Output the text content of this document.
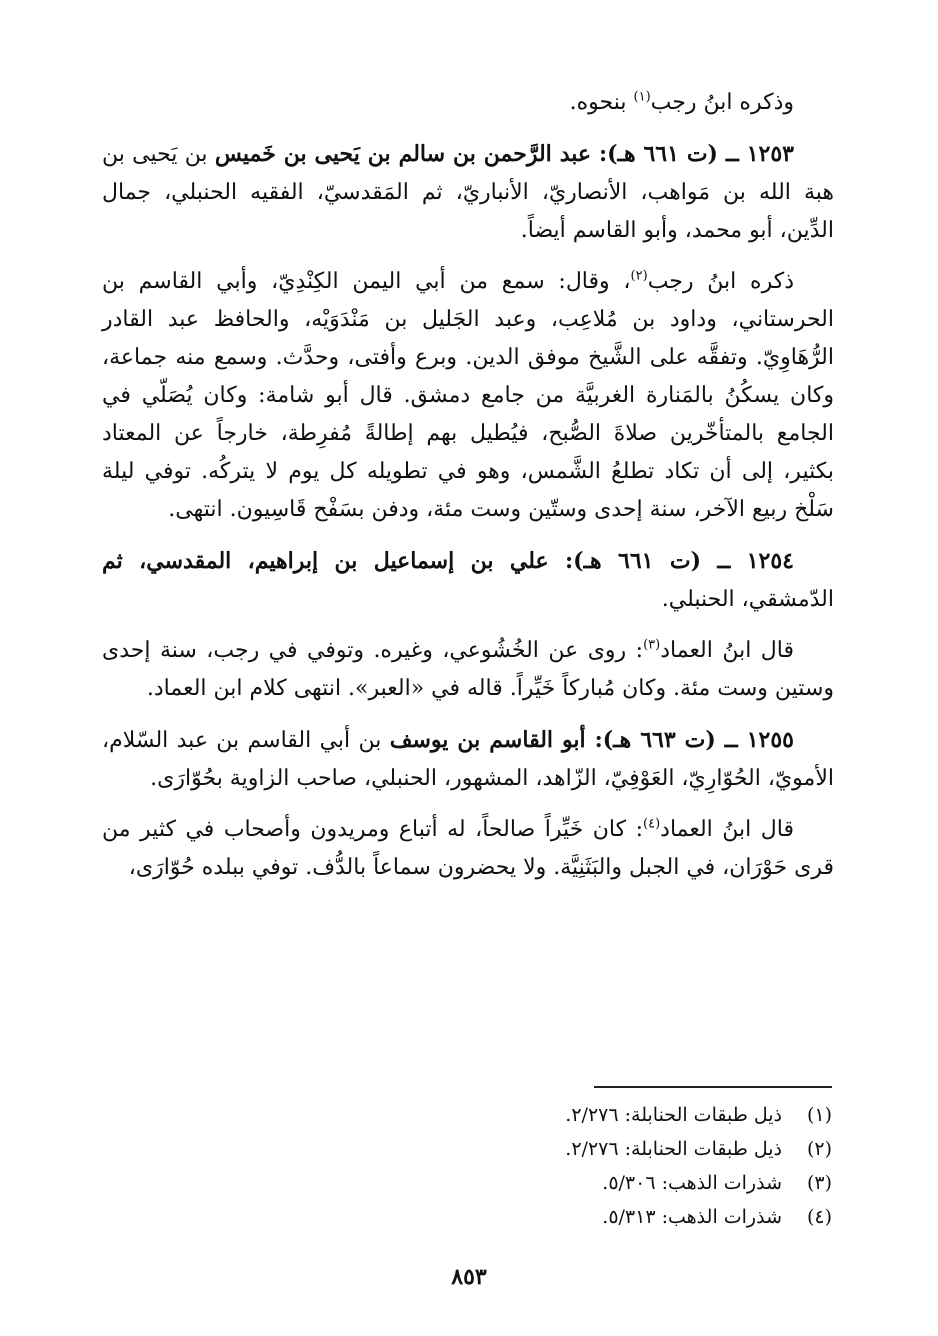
وذكره ابنُ رجب$^{(١)}$ بنحوه.

١٢٥٣ ــ (ت ٦٦١ هـ): عبد الرَّحمن بن سالم بن يَحيى بن خَميس بن يَحيى بن هبة الله بن مَواهب، الأنصاريّ، الأنباريّ، ثم المَقدسيّ، الفقيه الحنبلي، جمال الدِّين، أبو محمد، وأبو القاسم أيضاً.

ذكره ابنُ رجب$^{(٢)}$، وقال: سمع من أبي اليمن الكِنْدِيّ، وأبي القاسم بن الحرستاني، وداود بن مُلاعِب، وعبد الجَليل بن مَنْدَوَيْه، والحافظ عبد القادر الرُّهَاوِيّ. وتفقَّه على الشَّيخ موفق الدين. وبرع وأفتى، وحدَّث. وسمع منه جماعة، وكان يسكُنُ بالمَنارة الغربيَّة من جامع دمشق. قال أبو شامة: وكان يُصَلّي في الجامع بالمتأخّرين صلاةَ الصُّبح، فيُطيل بهم إطالةً مُفرِطة، خارجاً عن المعتاد بكثير، إلى أن تكاد تطلعُ الشَّمس، وهو في تطويله كل يوم لا يتركُه. توفي ليلة سَلْخ ربيع الآخر، سنة إحدى وستّين وست مئة، ودفن بسَفْح قَاسِيون. انتهى.

١٢٥٤ ــ (ت ٦٦١ هـ): علي بن إسماعيل بن إبراهيم، المقدسي، ثم الدّمشقي، الحنبلي.

قال ابنُ العماد$^{(٣)}$: روى عن الخُشُوعي، وغيره. وتوفي في رجب، سنة إحدى وستين وست مئة. وكان مُباركاً خَيِّراً. قاله في «العبر». انتهى كلام ابن العماد.

١٢٥٥ ــ (ت ٦٦٣ هـ): أبو القاسم بن يوسف بن أبي القاسم بن عبد السّلام، الأمويّ، الحُوّارِيّ، العَوْفِيّ، الزّاهد، المشهور، الحنبلي، صاحب الزاوية بحُوّارَى.

قال ابنُ العماد$^{(٤)}$: كان خَيِّراً صالحاً، له أتباع ومريدون وأصحاب في كثير من قرى حَوْرَان، في الجبل والبَثَنِيَّة. ولا يحضرون سماعاً بالدُّف. توفي ببلده حُوّارَى،

(١)
ذيل طبقات الحنابلة: ٢/٢٧٦.
(٢)
ذيل طبقات الحنابلة: ٢/٢٧٦.
(٣)
شذرات الذهب: ٥/٣٠٦.
(٤)
شذرات الذهب: ٥/٣١٣.
٨٥٣
